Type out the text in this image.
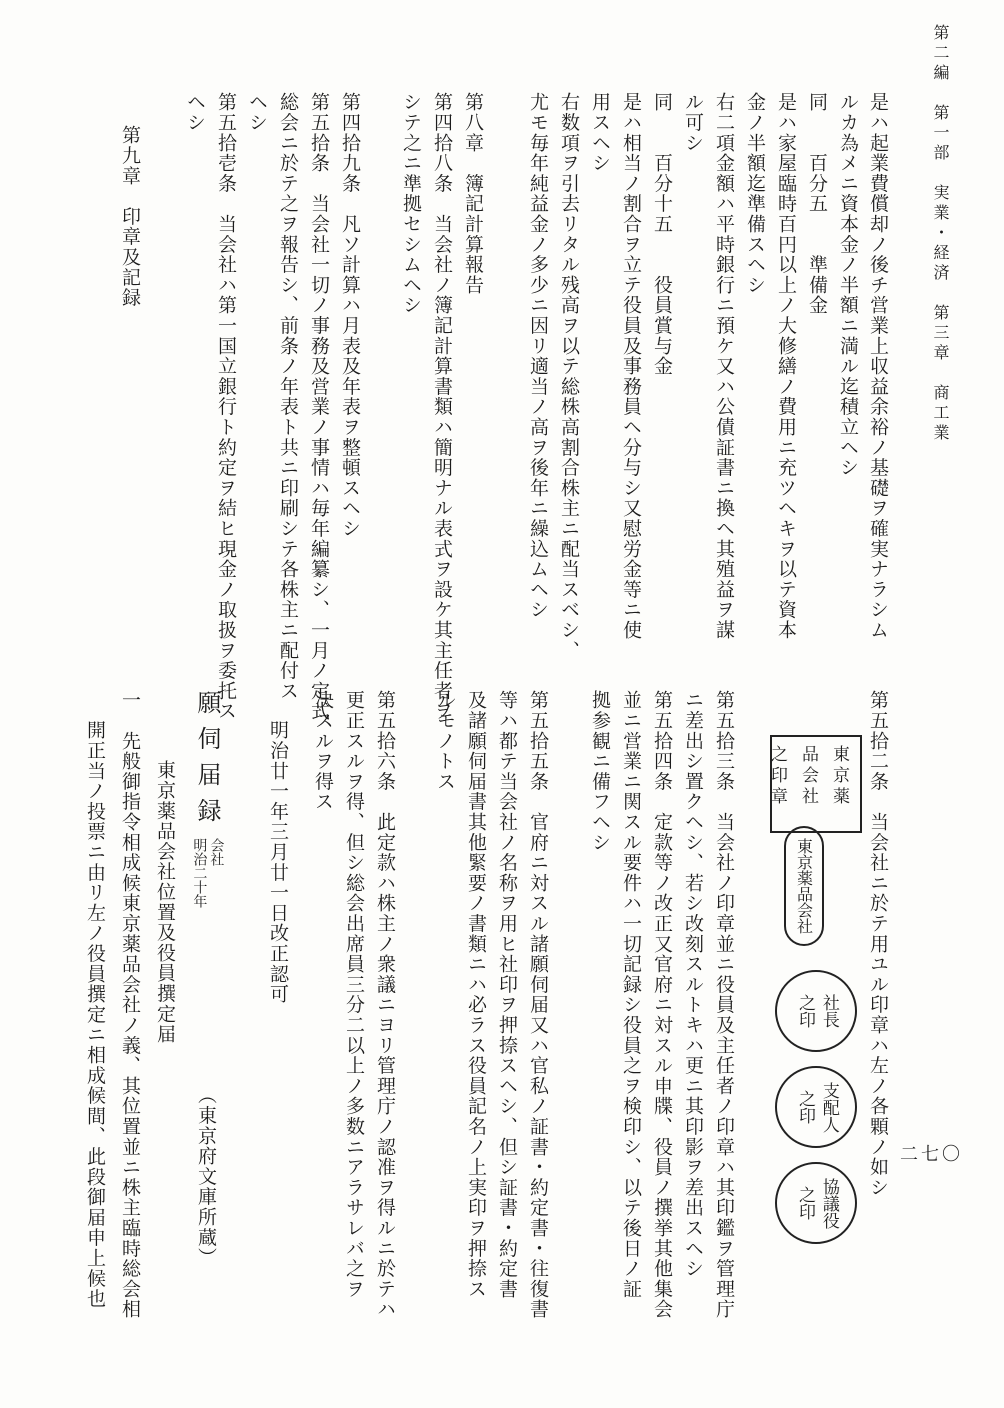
第二編　第一部　実業・経済　第三章　商工業
二七〇
是ハ起業費償却ノ後チ営業上収益余裕ノ基礎ヲ確実ナラシム
ルカ為メニ資本金ノ半額ニ満ル迄積立ヘシ
同　　百分五　　準備金
是ハ家屋臨時百円以上ノ大修繕ノ費用ニ充ツヘキヲ以テ資本
金ノ半額迄準備スヘシ
右二項金額ハ平時銀行ニ預ケ又ハ公債証書ニ換ヘ其殖益ヲ謀
ル可シ
同　　百分十五　　役員賞与金
是ハ相当ノ割合ヲ立テ役員及事務員ヘ分与シ又慰労金等ニ使
用スヘシ
右数項ヲ引去リタル残高ヲ以テ総株高割合株主ニ配当スベシ、
尤モ毎年純益金ノ多少ニ因リ適当ノ高ヲ後年ニ繰込ムヘシ
第八章　簿記計算報告
第四拾八条　当会社ノ簿記計算書類ハ簡明ナル表式ヲ設ケ其主任者ヲ
シテ之ニ準拠セシムヘシ
第四拾九条　凡ソ計算ハ月表及年表ヲ整頓スヘシ
第五拾条　当会社一切ノ事務及営業ノ事情ハ毎年編纂シ、一月ノ定式
総会ニ於テ之ヲ報告シ、前条ノ年表ト共ニ印刷シテ各株主ニ配付ス
ヘシ
第五拾壱条　当会社ハ第一国立銀行ト約定ヲ結ヒ現金ノ取扱ヲ委托ス
ヘシ
第九章　印章及記録
第五拾二条　当会社ニ於テ用ユル印章ハ左ノ各顆ノ如シ
東京薬
品会社
之印章
東京薬品会社
社長
之印
支配人
之印
協議役
之印
第五拾三条　当会社ノ印章並ニ役員及主任者ノ印章ハ其印鑑ヲ管理庁
ニ差出シ置クヘシ、若シ改刻スルトキハ更ニ其印影ヲ差出スヘシ
第五拾四条　定款等ノ改正又官府ニ対スル申牒、役員ノ撰挙其他集会
並ニ営業ニ関スル要件ハ一切記録シ役員之ヲ検印シ、以テ後日ノ証
拠参観ニ備フヘシ
第五拾五条　官府ニ対スル諸願伺届又ハ官私ノ証書・約定書・往復書
等ハ都テ当会社ノ名称ヲ用ヒ社印ヲ押捺スヘシ、但シ証書・約定書
及諸願伺届書其他緊要ノ書類ニハ必ラス役員記名ノ上実印ヲ押捺ス
ルモノトス
第五拾六条　此定款ハ株主ノ衆議ニヨリ管理庁ノ認准ヲ得ルニ於テハ
更正スルヲ得、但シ総会出席員三分二以上ノ多数ニアラサレバ之ヲ
決スルヲ得ス
明治廿一年三月廿一日改正認可
（東京府文庫所蔵）
願伺届録
会社
明治二十年
東京薬品会社位置及役員撰定届
一　先般御指令相成候東京薬品会社ノ義、其位置並ニ株主臨時総会相
開正当ノ投票ニ由リ左ノ役員撰定ニ相成候間、此段御届申上候也
